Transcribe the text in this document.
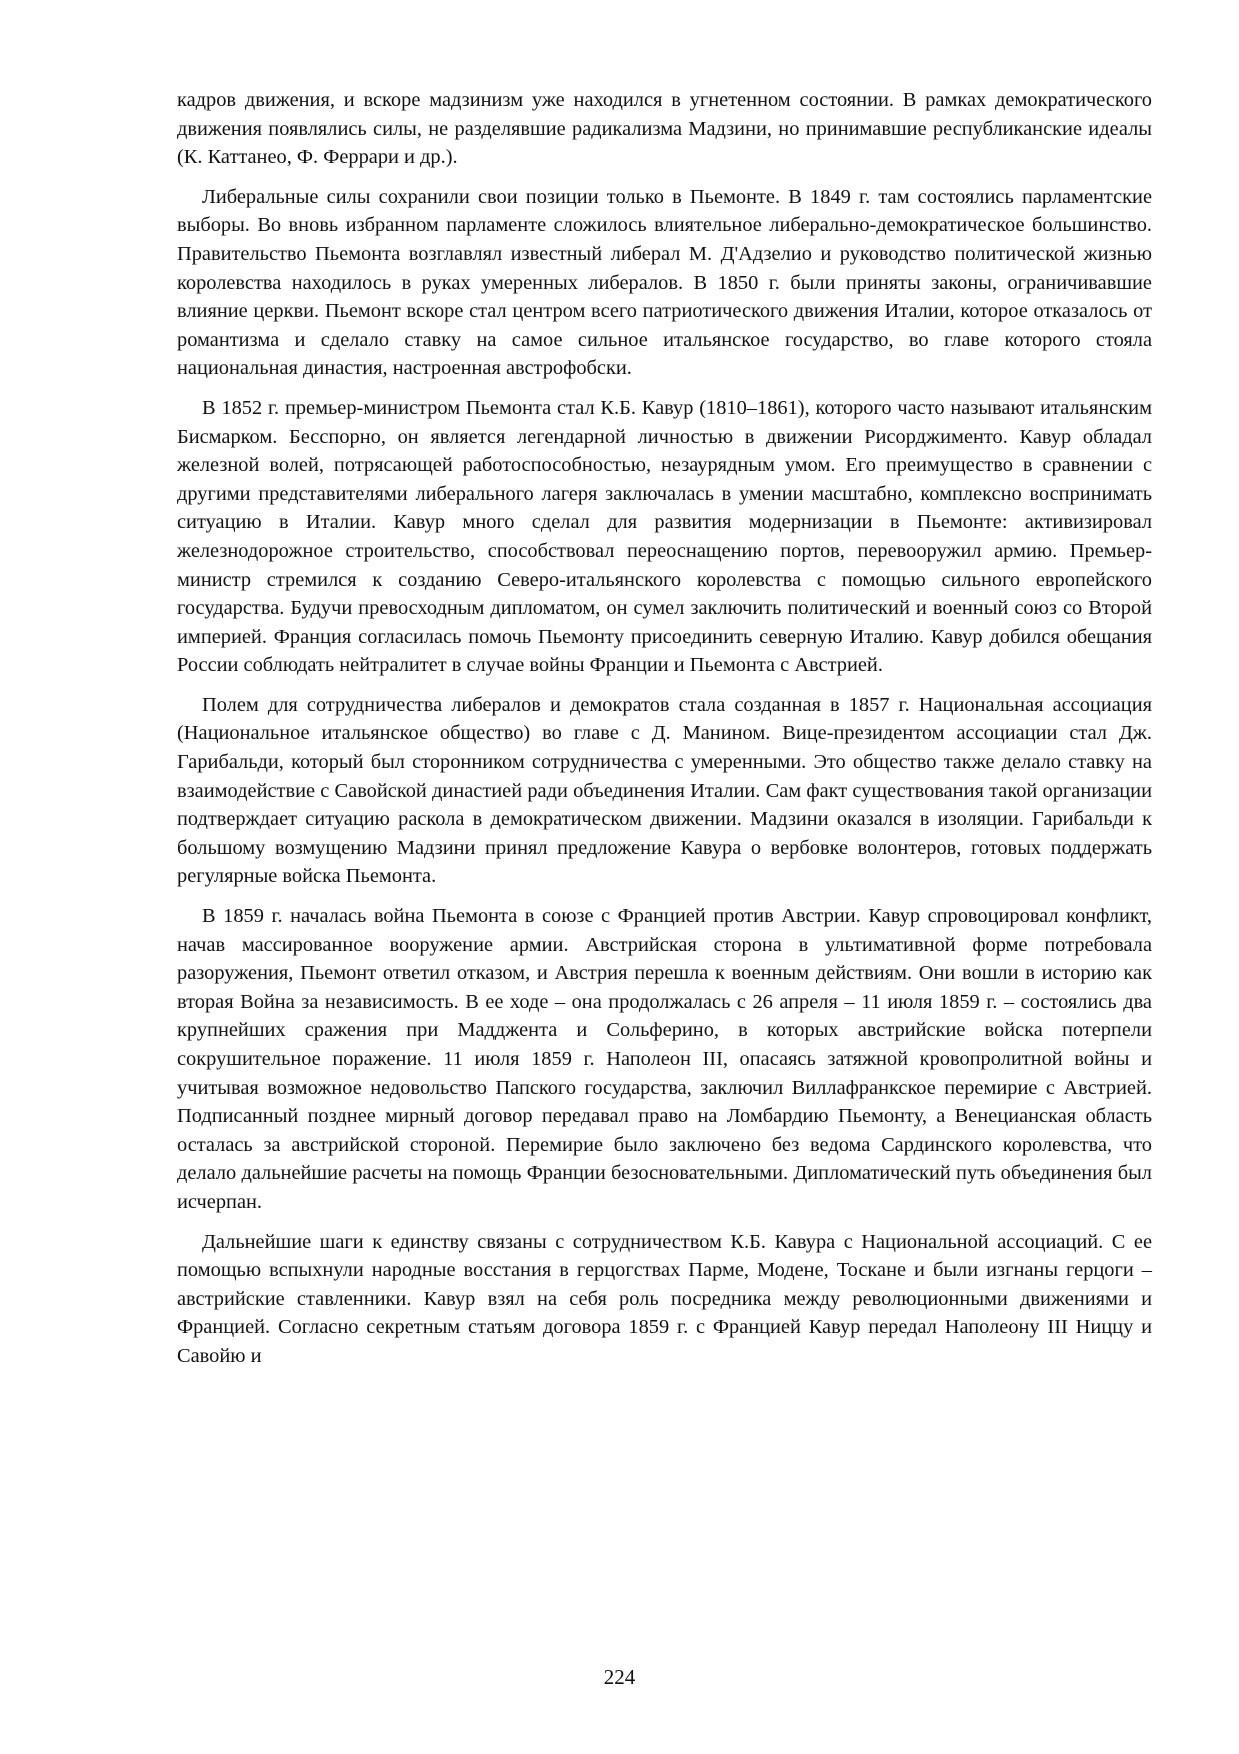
кадров движения, и вскоре мадзинизм уже находился в угнетенном состоянии. В рамках демократического движения появлялись силы, не разделявшие радикализма Мадзини, но принимавшие республиканские идеалы (К. Каттанео, Ф. Феррари и др.).

Либеральные силы сохранили свои позиции только в Пьемонте. В 1849 г. там состоялись парламентские выборы. Во вновь избранном парламенте сложилось влиятельное либерально-демократическое большинство. Правительство Пьемонта возглавлял известный либерал М. Д'Адзелио и руководство политической жизнью королевства находилось в руках умеренных либералов. В 1850 г. были приняты законы, ограничивавшие влияние церкви. Пьемонт вскоре стал центром всего патриотического движения Италии, которое отказалось от романтизма и сделало ставку на самое сильное итальянское государство, во главе которого стояла национальная династия, настроенная австрофобски.

В 1852 г. премьер-министром Пьемонта стал К.Б. Кавур (1810–1861), которого часто называют итальянским Бисмарком. Бесспорно, он является легендарной личностью в движении Рисорджименто. Кавур обладал железной волей, потрясающей работоспособностью, незаурядным умом. Его преимущество в сравнении с другими представителями либерального лагеря заключалась в умении масштабно, комплексно воспринимать ситуацию в Италии. Кавур много сделал для развития модернизации в Пьемонте: активизировал железнодорожное строительство, способствовал переоснащению портов, перевооружил армию. Премьер-министр стремился к созданию Северо-итальянского королевства с помощью сильного европейского государства. Будучи превосходным дипломатом, он сумел заключить политический и военный союз со Второй империей. Франция согласилась помочь Пьемонту присоединить северную Италию. Кавур добился обещания России соблюдать нейтралитет в случае войны Франции и Пьемонта с Австрией.

Полем для сотрудничества либералов и демократов стала созданная в 1857 г. Национальная ассоциация (Национальное итальянское общество) во главе с Д. Манином. Вице-президентом ассоциации стал Дж. Гарибальди, который был сторонником сотрудничества с умеренными. Это общество также делало ставку на взаимодействие с Савойской династией ради объединения Италии. Сам факт существования такой организации подтверждает ситуацию раскола в демократическом движении. Мадзини оказался в изоляции. Гарибальди к большому возмущению Мадзини принял предложение Кавура о вербовке волонтеров, готовых поддержать регулярные войска Пьемонта.

В 1859 г. началась война Пьемонта в союзе с Францией против Австрии. Кавур спровоцировал конфликт, начав массированное вооружение армии. Австрийская сторона в ультимативной форме потребовала разоружения, Пьемонт ответил отказом, и Австрия перешла к военным действиям. Они вошли в историю как вторая Война за независимость. В ее ходе – она продолжалась с 26 апреля – 11 июля 1859 г. – состоялись два крупнейших сражения при Мадджента и Сольферино, в которых австрийские войска потерпели сокрушительное поражение. 11 июля 1859 г. Наполеон III, опасаясь затяжной кровопролитной войны и учитывая возможное недовольство Папского государства, заключил Виллафранкское перемирие с Австрией. Подписанный позднее мирный договор передавал право на Ломбардию Пьемонту, а Венецианская область осталась за австрийской стороной. Перемирие было заключено без ведома Сардинского королевства, что делало дальнейшие расчеты на помощь Франции безосновательными. Дипломатический путь объединения был исчерпан.

Дальнейшие шаги к единству связаны с сотрудничеством К.Б. Кавура с Национальной ассоциаций. С ее помощью вспыхнули народные восстания в герцогствах Парме, Модене, Тоскане и были изгнаны герцоги – австрийские ставленники. Кавур взял на себя роль посредника между революционными движениями и Францией. Согласно секретным статьям договора 1859 г. с Францией Кавур передал Наполеону III Ниццу и Савойю и

224
